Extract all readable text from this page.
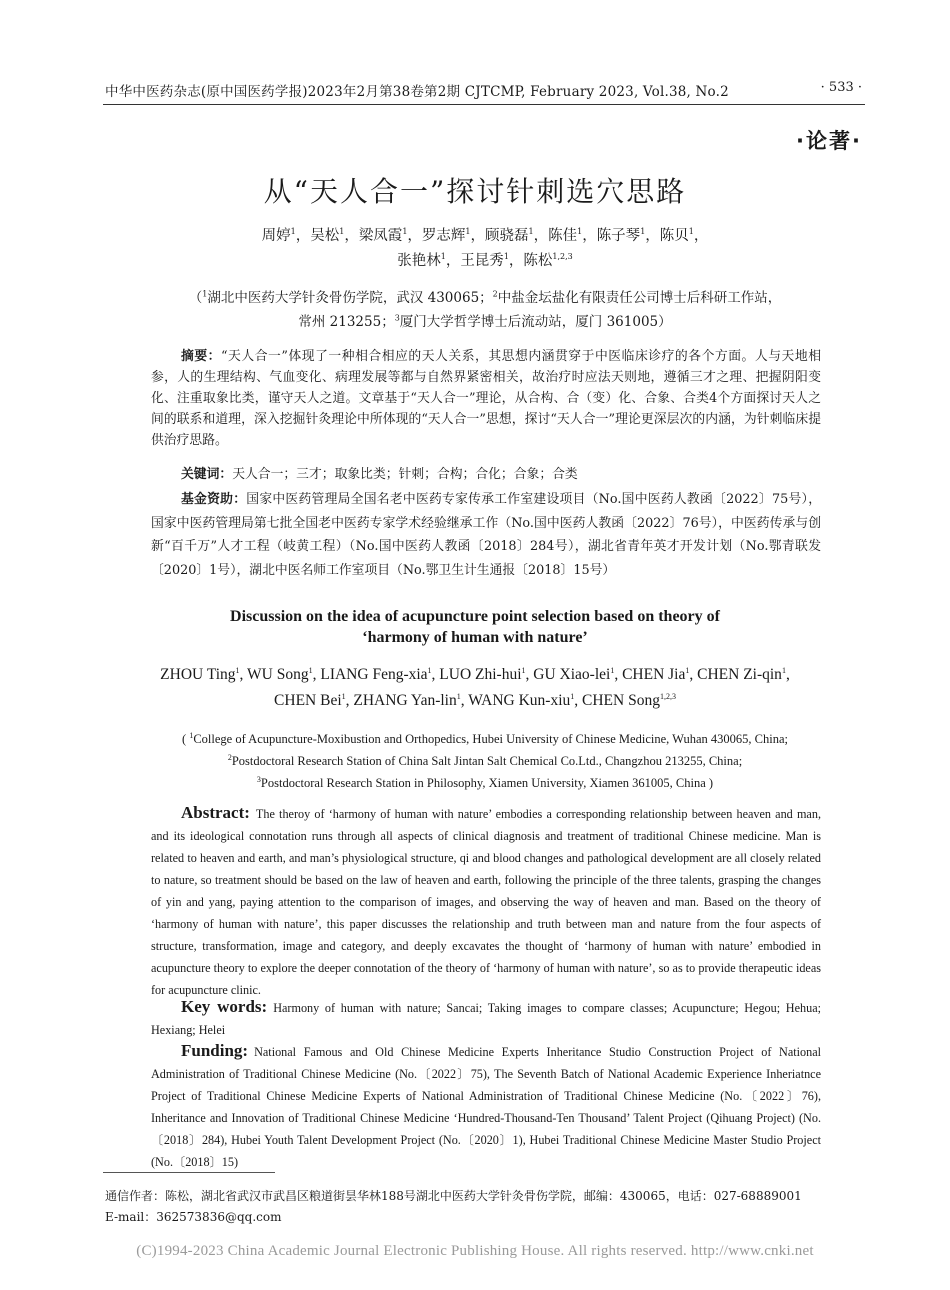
中华中医药杂志(原中国医药学报)2023年2月第38卷第2期 CJTCMP, February 2023, Vol.38, No.2	· 533 ·
·论著·
从“天人合一”探讨针刺选穴思路
周婷$^1$，吴松$^1$，梁凤霞$^1$，罗志辉$^1$，顾骁磊$^1$，陈佳$^1$，陈子琴$^1$，陈贝$^1$，
张艳林$^1$，王昆秀$^1$，陈松$^{1,2,3}$
（$^1$湖北中医药大学针灸骨伤学院，武汉 430065；$^2$中盐金坛盐化有限责任公司博士后科研工作站，
常州 213255；$^3$厦门大学哲学博士后流动站，厦门 361005）
摘要：“天人合一”体现了一种相合相应的天人关系，其思想内涵贯穿于中医临床诊疗的各个方面。人与天地相参，人的生理结构、气血变化、病理发展等都与自然界紧密相关，故治疗时应法天则地，遵循三才之理、把握阴阳变化、注重取象比类，谨守天人之道。文章基于“天人合一”理论，从合构、合（变）化、合象、合类4个方面探讨天人之间的联系和道理，深入挖掘针灸理论中所体现的“天人合一”思想，探讨“天人合一”理论更深层次的内涵，为针刺临床提供治疗思路。
关键词：天人合一；三才；取象比类；针刺；合构；合化；合象；合类
基金资助：国家中医药管理局全国名老中医药专家传承工作室建设项目（No.国中医药人教函〔2022〕75号），国家中医药管理局第七批全国老中医药专家学术经验继承工作（No.国中医药人教函〔2022〕76号），中医药传承与创新“百千万”人才工程（岐黄工程）（No.国中医药人教函〔2018〕284号），湖北省青年英才开发计划（No.鄂青联发〔2020〕1号），湖北中医名师工作室项目（No.鄂卫生计生通报〔2018〕15号）
Discussion on the idea of acupuncture point selection based on theory of
‘harmony of human with nature’
ZHOU Ting$^1$, WU Song$^1$, LIANG Feng-xia$^1$, LUO Zhi-hui$^1$, GU Xiao-lei$^1$, CHEN Jia$^1$, CHEN Zi-qin$^1$,
CHEN Bei$^1$, ZHANG Yan-lin$^1$, WANG Kun-xiu$^1$, CHEN Song$^{1,2,3}$
( $^1$College of Acupuncture-Moxibustion and Orthopedics, Hubei University of Chinese Medicine, Wuhan 430065, China;
$^2$Postdoctoral Research Station of China Salt Jintan Salt Chemical Co.Ltd., Changzhou 213255, China;
$^3$Postdoctoral Research Station in Philosophy, Xiamen University, Xiamen 361005, China )
Abstract: The theroy of ‘harmony of human with nature’ embodies a corresponding relationship between heaven and man, and its ideological connotation runs through all aspects of clinical diagnosis and treatment of traditional Chinese medicine. Man is related to heaven and earth, and man’s physiological structure, qi and blood changes and pathological development are all closely related to nature, so treatment should be based on the law of heaven and earth, following the principle of the three talents, grasping the changes of yin and yang, paying attention to the comparison of images, and observing the way of heaven and man. Based on the theory of ‘harmony of human with nature’, this paper discusses the relationship and truth between man and nature from the four aspects of structure, transformation, image and category, and deeply excavates the thought of ‘harmony of human with nature’ embodied in acupuncture theory to explore the deeper connotation of the theory of ‘harmony of human with nature’, so as to provide therapeutic ideas for acupuncture clinic.
Key words: Harmony of human with nature; Sancai; Taking images to compare classes; Acupuncture; Hegou; Hehua; Hexiang; Helei
Funding: National Famous and Old Chinese Medicine Experts Inheritance Studio Construction Project of National Administration of Traditional Chinese Medicine (No.〔2022〕75), The Seventh Batch of National Academic Experience Inheriatnce Project of Traditional Chinese Medicine Experts of National Administration of Traditional Chinese Medicine (No.〔2022〕76), Inheritance and Innovation of Traditional Chinese Medicine ‘Hundred-Thousand-Ten Thousand’ Talent Project (Qihuang Project) (No.〔2018〕284), Hubei Youth Talent Development Project (No.〔2020〕1), Hubei Traditional Chinese Medicine Master Studio Project (No.〔2018〕15)
通信作者：陈松，湖北省武汉市武昌区粮道街昙华林188号湖北中医药大学针灸骨伤学院，邮编：430065，电话：027-68889001
E-mail：362573836@qq.com
(C)1994-2023 China Academic Journal Electronic Publishing House. All rights reserved. http://www.cnki.net
